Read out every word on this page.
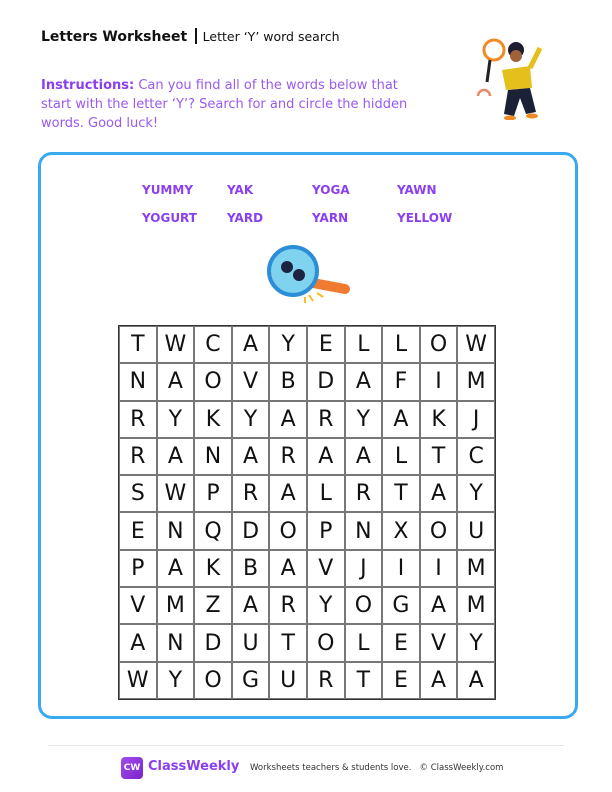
Letters Worksheet Letter ‘Y’ word search
Instructions: Can you find all of the words below that start with the letter ‘Y’? Search for and circle the hidden words. Good luck!
YUMMY	YAK	YOGA	YAWN
YOGURT	YARD	YARN	YELLOW
T W C	A	Y	E	L	L	O W
N A O V	B D A	F	I	M
R	Y	K	Y	A	R	Y	A	K	J
R	A N A	R	A	A	L	T	C
S W P	R	A	L	R	T	A	Y
E	N Q D O	P	N X O U
P	A	K	B	A	V	J	I	I	M
V M Z	A	R	Y	O G A M
A N D U	T	O	L	E	V	Y
W Y	O G U R	T	E	A	A
CW ClassWeekly Worksheets teachers & students love. © ClassWeekly.com
